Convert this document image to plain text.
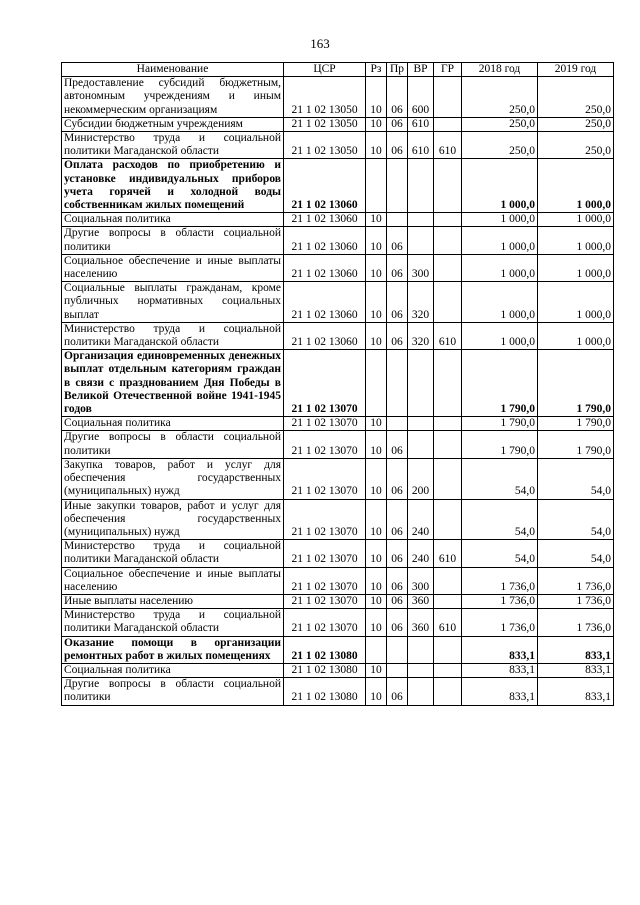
163
Наименование	ЦСР	Рз	Пр	ВР	ГР	2018 год	2019 год
Предоставление субсидий бюджетным, автономным учреждениям и иным некоммерческим организациям	21 1 02 13050	10	06	600		250,0	250,0
Субсидии бюджетным учреждениям	21 1 02 13050	10	06	610		250,0	250,0
Министерство труда и социальной политики Магаданской области	21 1 02 13050	10	06	610	610	250,0	250,0
Оплата расходов по приобретению и установке индивидуальных приборов учета горячей и холодной воды собственникам жилых помещений	21 1 02 13060					1 000,0	1 000,0
Социальная политика	21 1 02 13060	10				1 000,0	1 000,0
Другие вопросы в области социальной политики	21 1 02 13060	10	06			1 000,0	1 000,0
Социальное обеспечение и иные выплаты населению	21 1 02 13060	10	06	300		1 000,0	1 000,0
Социальные выплаты гражданам, кроме публичных нормативных социальных выплат	21 1 02 13060	10	06	320		1 000,0	1 000,0
Министерство труда и социальной политики Магаданской области	21 1 02 13060	10	06	320	610	1 000,0	1 000,0
Организация единовременных денежных выплат отдельным категориям граждан в связи с празднованием Дня Победы в Великой Отечественной войне 1941-1945 годов	21 1 02 13070					1 790,0	1 790,0
Социальная политика	21 1 02 13070	10				1 790,0	1 790,0
Другие вопросы в области социальной политики	21 1 02 13070	10	06			1 790,0	1 790,0
Закупка товаров, работ и услуг для обеспечения государственных (муниципальных) нужд	21 1 02 13070	10	06	200		54,0	54,0
Иные закупки товаров, работ и услуг для обеспечения государственных (муниципальных) нужд	21 1 02 13070	10	06	240		54,0	54,0
Министерство труда и социальной политики Магаданской области	21 1 02 13070	10	06	240	610	54,0	54,0
Социальное обеспечение и иные выплаты населению	21 1 02 13070	10	06	300		1 736,0	1 736,0
Иные выплаты населению	21 1 02 13070	10	06	360		1 736,0	1 736,0
Министерство труда и социальной политики Магаданской области	21 1 02 13070	10	06	360	610	1 736,0	1 736,0
Оказание помощи в организации ремонтных работ в жилых помещениях	21 1 02 13080					833,1	833,1
Социальная политика	21 1 02 13080	10				833,1	833,1
Другие вопросы в области социальной политики	21 1 02 13080	10	06			833,1	833,1
